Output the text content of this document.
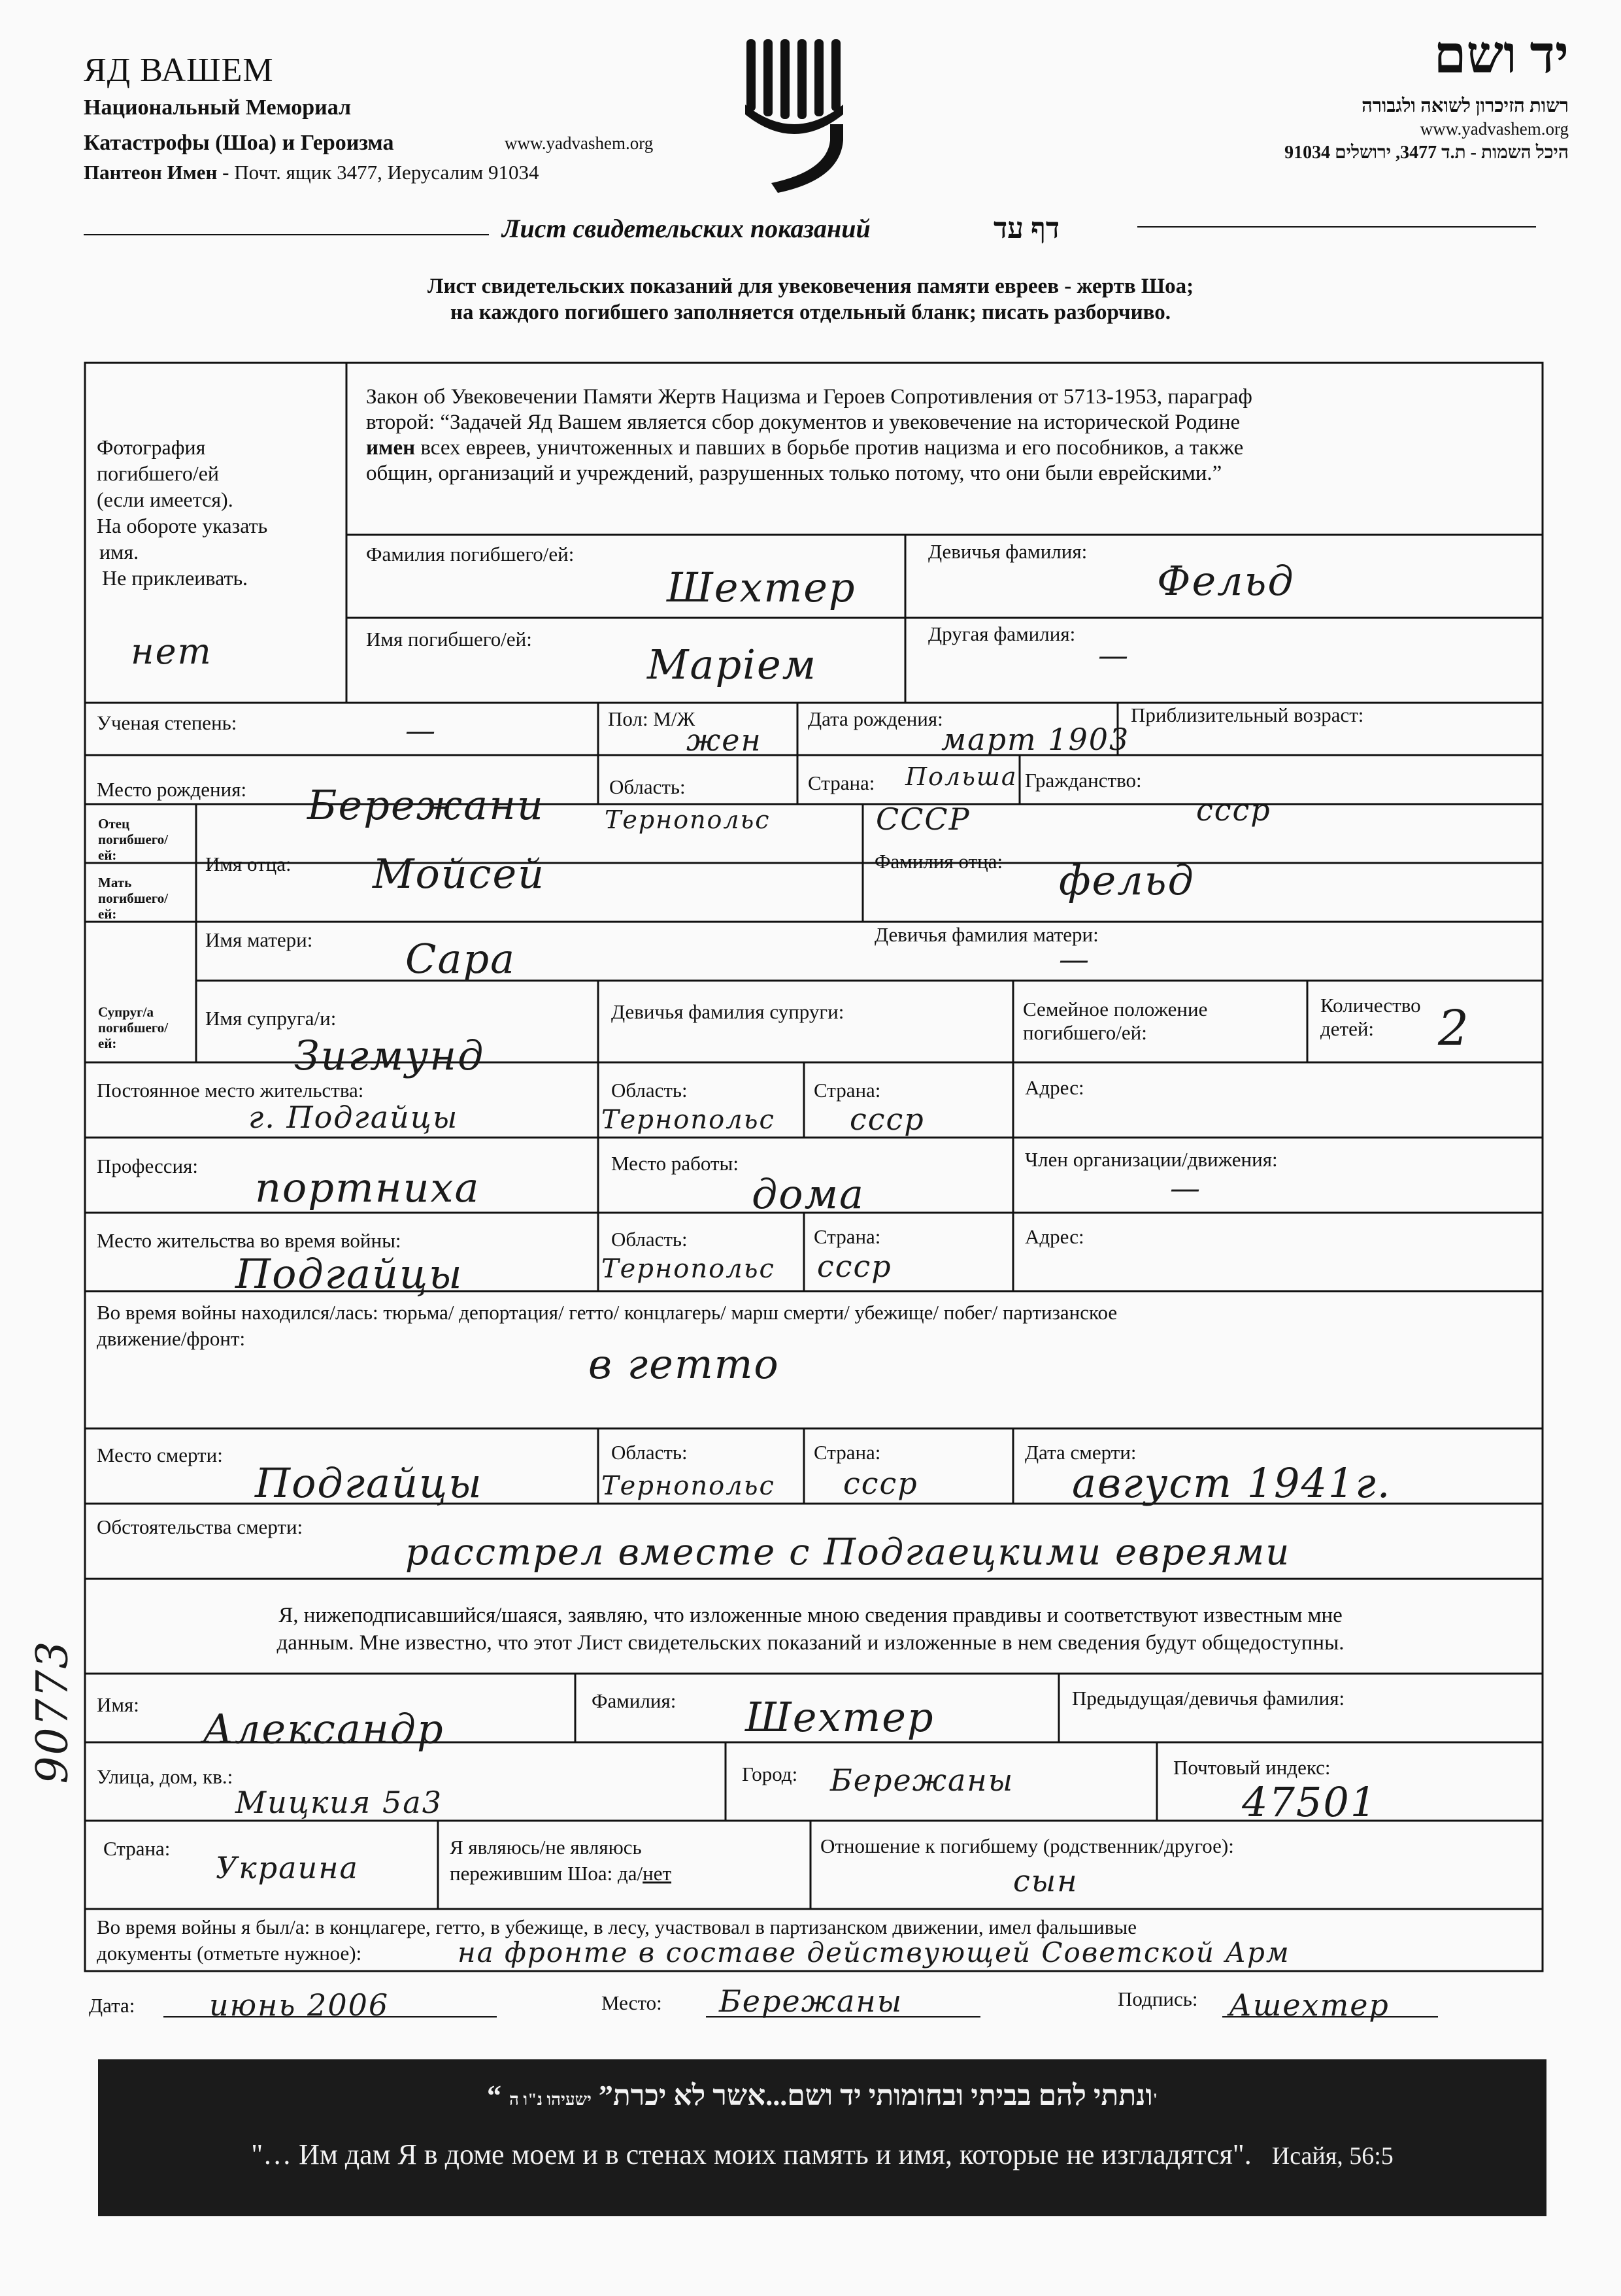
ЯД ВАШЕМ
Национальный Мемориал
Катастрофы (Шоа) и Героизма	www.yadvashem.org
Пантеон Имен - Почт. ящик 3477, Иерусалим 91034
יד ושם
רשות הזיכרון לשואה ולגבורה
www.yadvashem.org
היכל השמות - ת.ד 3477, ירושלים 91034
Лист свидетельских показаний	דף עד
Лист свидетельских показаний для увековечения памяти евреев - жертв Шоа;
на каждого погибшего заполняется отдельный бланк; писать разборчиво.
Фотография
погибшего/ей
(если имеется).
На обороте указать
имя.
Не приклеивать.
нет
Закон об Увековечении Памяти Жертв Нацизма и Героев Сопротивления от 5713-1953, параграф
второй: “Задачей Яд Вашем является сбор документов и увековечение на исторической Родине
имен всех евреев, уничтоженных и павших в борьбе против нацизма и его пособников, а также
общин, организаций и учреждений, разрушенных только потому, что они были еврейскими.”
Фамилия погибшего/ей:
Шехтер
Девичья фамилия:
Фельд
Имя погибшего/ей:
Маріем
Другая фамилия:
—
Ученая степень:	—	Пол: М/Ж
жен
Дата рождения:
март 1903
Приблизительный возраст:
Место рождения: Бережани	Область:
Тернопольс
Страна: Польша
СССР
Гражданство:
ссср
Отец
погибшего/
ей:	Имя отца: Мойсей	Фамилия отца: фельд
Мать
погибшего/
ей:
Имя матери: Сара
Девичья фамилия матери:
—
Супруг/а
погибшего/
ей:
Имя супруга/и:
Зигмунд
Девичья фамилия супруги:	Семейное положение
погибшего/ей:
Количество
детей:	2
Постоянное место жительства:
г. Подгайцы
Область:
Тернопольс
Страна:
ссср
Адрес:
Профессия: портниха
Место работы:
дома
Член организации/движения:
—
Место жительства во время войны:
Подгайцы
Область:
Тернопольс
Страна:
ссср
Адрес:
Во время войны находился/лась: тюрьма/ депортация/ гетто/ концлагерь/ марш смерти/ убежище/ побег/ партизанское
движение/фронт:
в гетто
Место смерти:
Подгайцы
Область:
Тернопольс
Страна:
ссср
Дата смерти:
август 1941г.
Обстоятельства смерти:
расстрел вместе с Подгаецкими евреями
Я, нижеподписавшийся/шаяся, заявляю, что изложенные мною сведения правдивы и соответствуют известным мне
данным. Мне известно, что этот Лист свидетельских показаний и изложенные в нем сведения будут общедоступны.
90773 Имя:
Александр
Фамилия: Шехтер	Предыдущая/девичья фамилия:
Улица, дом, кв.:
Мицкия 5а3
Город: Бережаны	Почтовый индекс:
47501
Страна:
Украина
Я являюсь/не являюсь
пережившим Шоа: да/нет
Отношение к погибшему (родственник/другое):
сын
Во время войны я был/а: в концлагере, гетто, в убежище, в лесу, участвовал в партизанском движении, имел фальшивые
документы (отметьте нужное):	на фронте в составе действующей Советской Арм
Дата: июнь 2006	Место: Бережаны	Подпись: Ашехтер
“ונתתי להם בביתי ובחומותי יד ושם...אשר לא יכרת” ישעיהו נ"ו ה'
"… Им дам Я в доме моем и в стенах моих память и имя, которые не изгладятся". Исайя, 56:5
